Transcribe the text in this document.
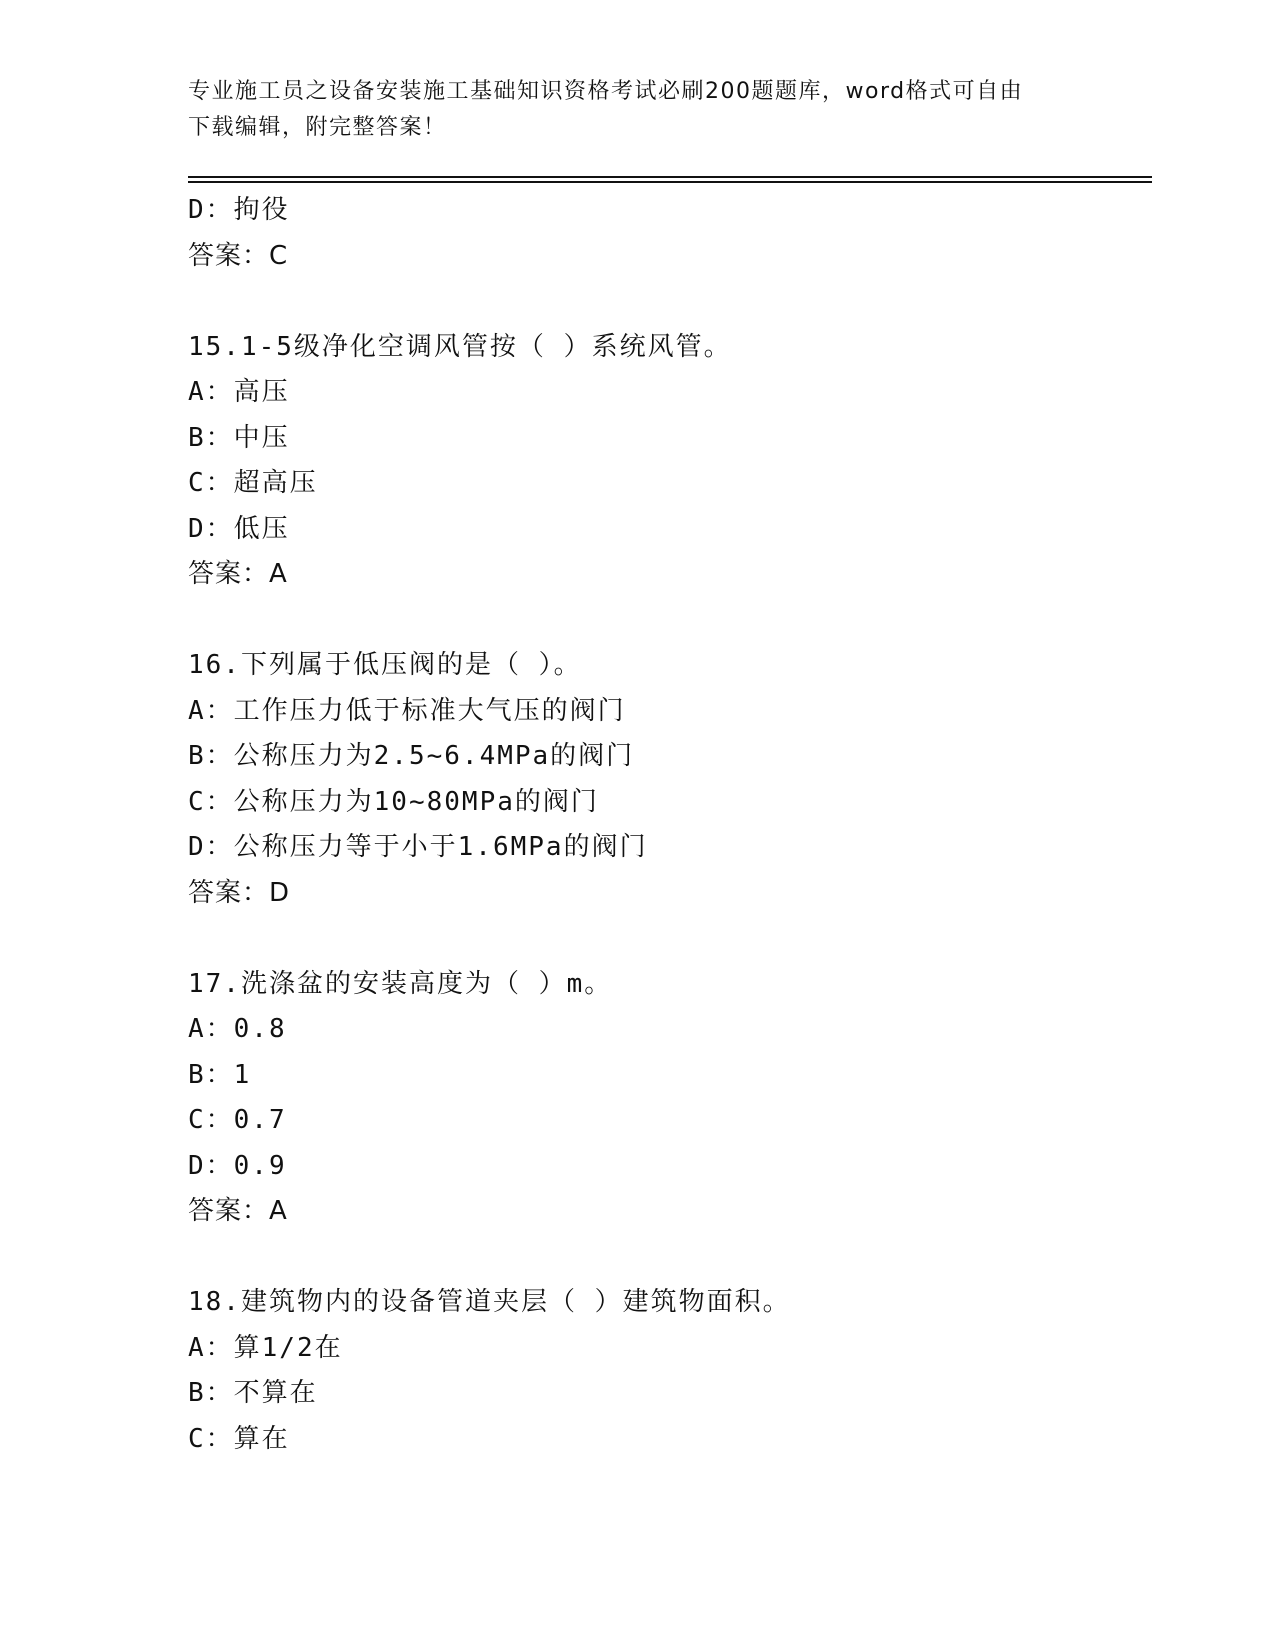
专业施工员之设备安装施工基础知识资格考试必刷200题题库，word格式可自由
下载编辑，附完整答案！
D：拘役
答案：C
15.1-5级净化空调风管按（ ）系统风管。
A：高压
B：中压
C：超高压
D：低压
答案：A
16.下列属于低压阀的是（ ）。
A：工作压力低于标准大气压的阀门
B：公称压力为2.5~6.4MPa的阀门
C：公称压力为10~80MPa的阀门
D：公称压力等于小于1.6MPa的阀门
答案：D
17.洗涤盆的安装高度为（ ）m。
A：0.8
B：1
C：0.7
D：0.9
答案：A
18.建筑物内的设备管道夹层（ ）建筑物面积。
A：算1/2在
B：不算在
C：算在
